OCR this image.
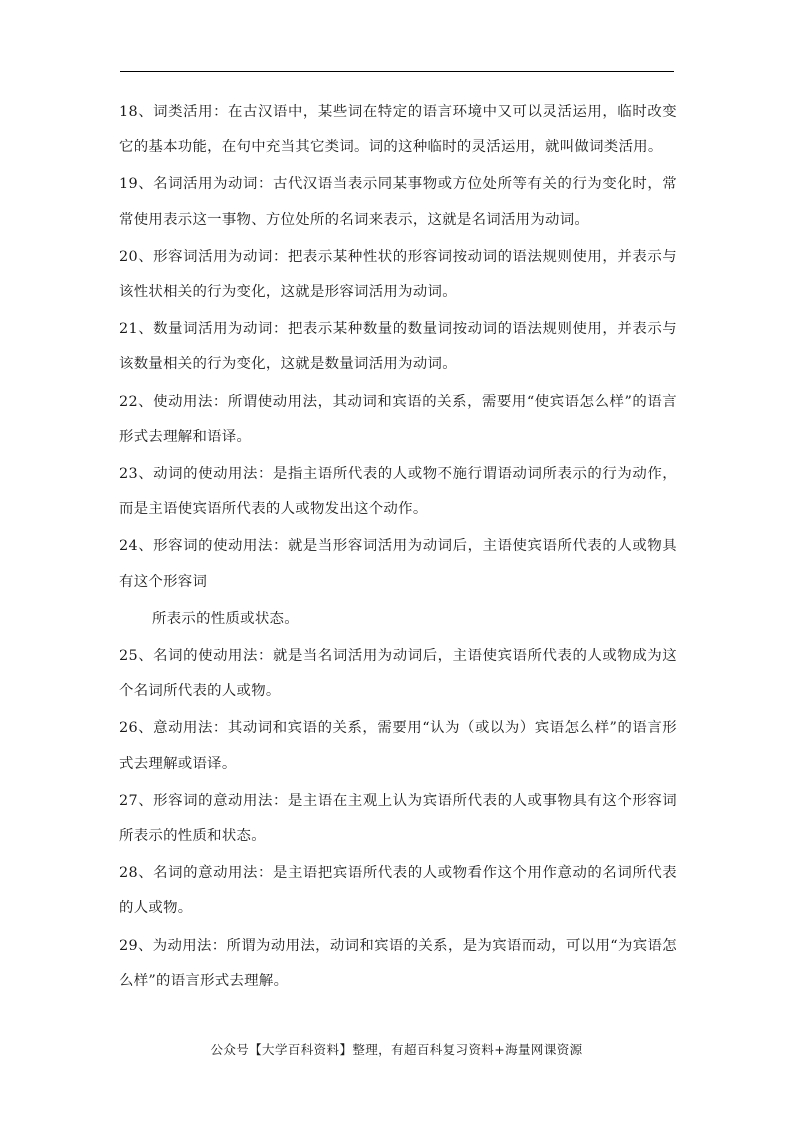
18、词类活用：在古汉语中，某些词在特定的语言环境中又可以灵活运用，临时改变它的基本功能，在句中充当其它类词。词的这种临时的灵活运用，就叫做词类活用。

19、名词活用为动词：古代汉语当表示同某事物或方位处所等有关的行为变化时，常常使用表示这一事物、方位处所的名词来表示，这就是名词活用为动词。

20、形容词活用为动词：把表示某种性状的形容词按动词的语法规则使用，并表示与该性状相关的行为变化，这就是形容词活用为动词。

21、数量词活用为动词：把表示某种数量的数量词按动词的语法规则使用，并表示与该数量相关的行为变化，这就是数量词活用为动词。

22、使动用法：所谓使动用法，其动词和宾语的关系，需要用“使宾语怎么样”的语言形式去理解和语译。

23、动词的使动用法：是指主语所代表的人或物不施行谓语动词所表示的行为动作，而是主语使宾语所代表的人或物发出这个动作。

24、形容词的使动用法：就是当形容词活用为动词后，主语使宾语所代表的人或物具有这个形容词

所表示的性质或状态。

25、名词的使动用法：就是当名词活用为动词后，主语使宾语所代表的人或物成为这个名词所代表的人或物。

26、意动用法：其动词和宾语的关系，需要用“认为（或以为）宾语怎么样”的语言形式去理解或语译。

27、形容词的意动用法：是主语在主观上认为宾语所代表的人或事物具有这个形容词所表示的性质和状态。

28、名词的意动用法：是主语把宾语所代表的人或物看作这个用作意动的名词所代表的人或物。

29、为动用法：所谓为动用法，动词和宾语的关系，是为宾语而动，可以用“为宾语怎么样”的语言形式去理解。

公众号【大学百科资料】整理，有超百科复习资料+海量网课资源
